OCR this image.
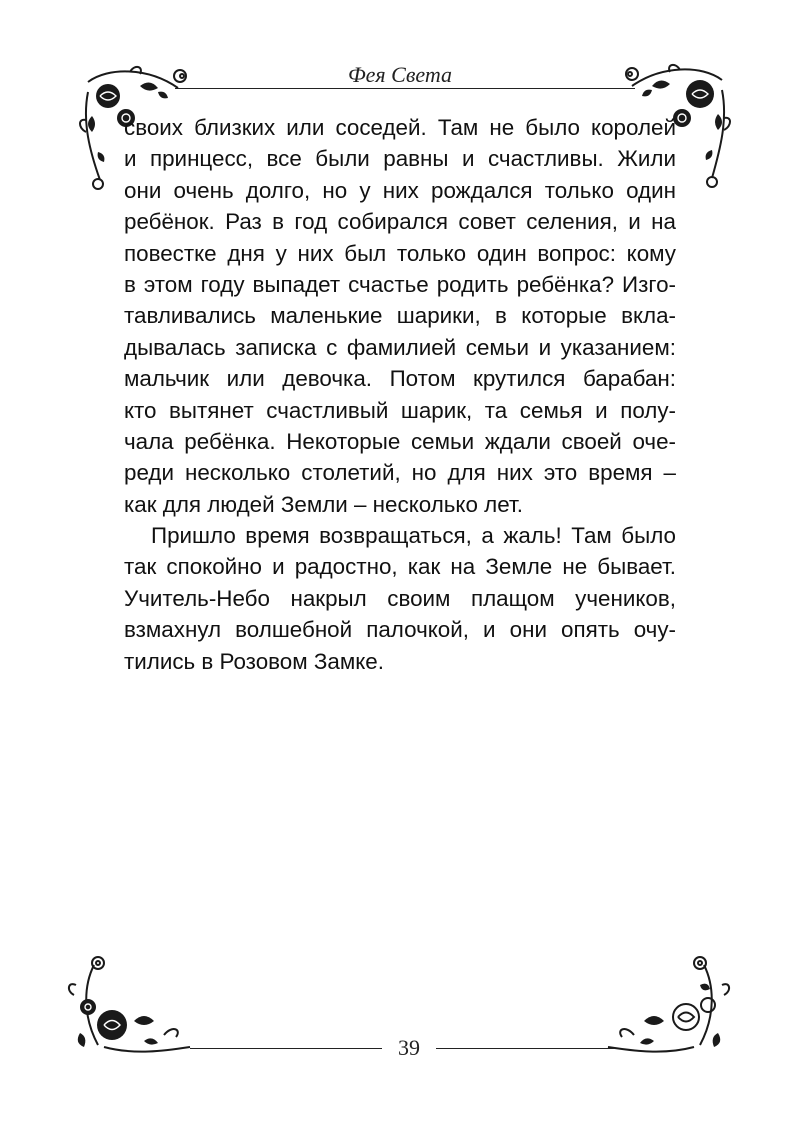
Фея Света
своих близких или соседей. Там не было королей
и принцесс, все были равны и счастливы. Жили
они очень долго, но у них рождался только один
ребёнок. Раз в год собирался совет селения, и на
повестке дня у них был только один вопрос: кому
в этом году выпадет счастье родить ребёнка? Изго-
тавливались маленькие шарики, в которые вкла-
дывалась записка с фамилией семьи и указанием:
мальчик или девочка. Потом крутился барабан:
кто вытянет счастливый шарик, та семья и полу-
чала ребёнка. Некоторые семьи ждали своей оче-
реди несколько столетий, но для них это время –
как для людей Земли – несколько лет.
Пришло время возвращаться, а жаль! Там было
так спокойно и радостно, как на Земле не бывает.
Учитель-Небо накрыл своим плащом учеников,
взмахнул волшебной палочкой, и они опять очу-
тились в Розовом Замке.
39
